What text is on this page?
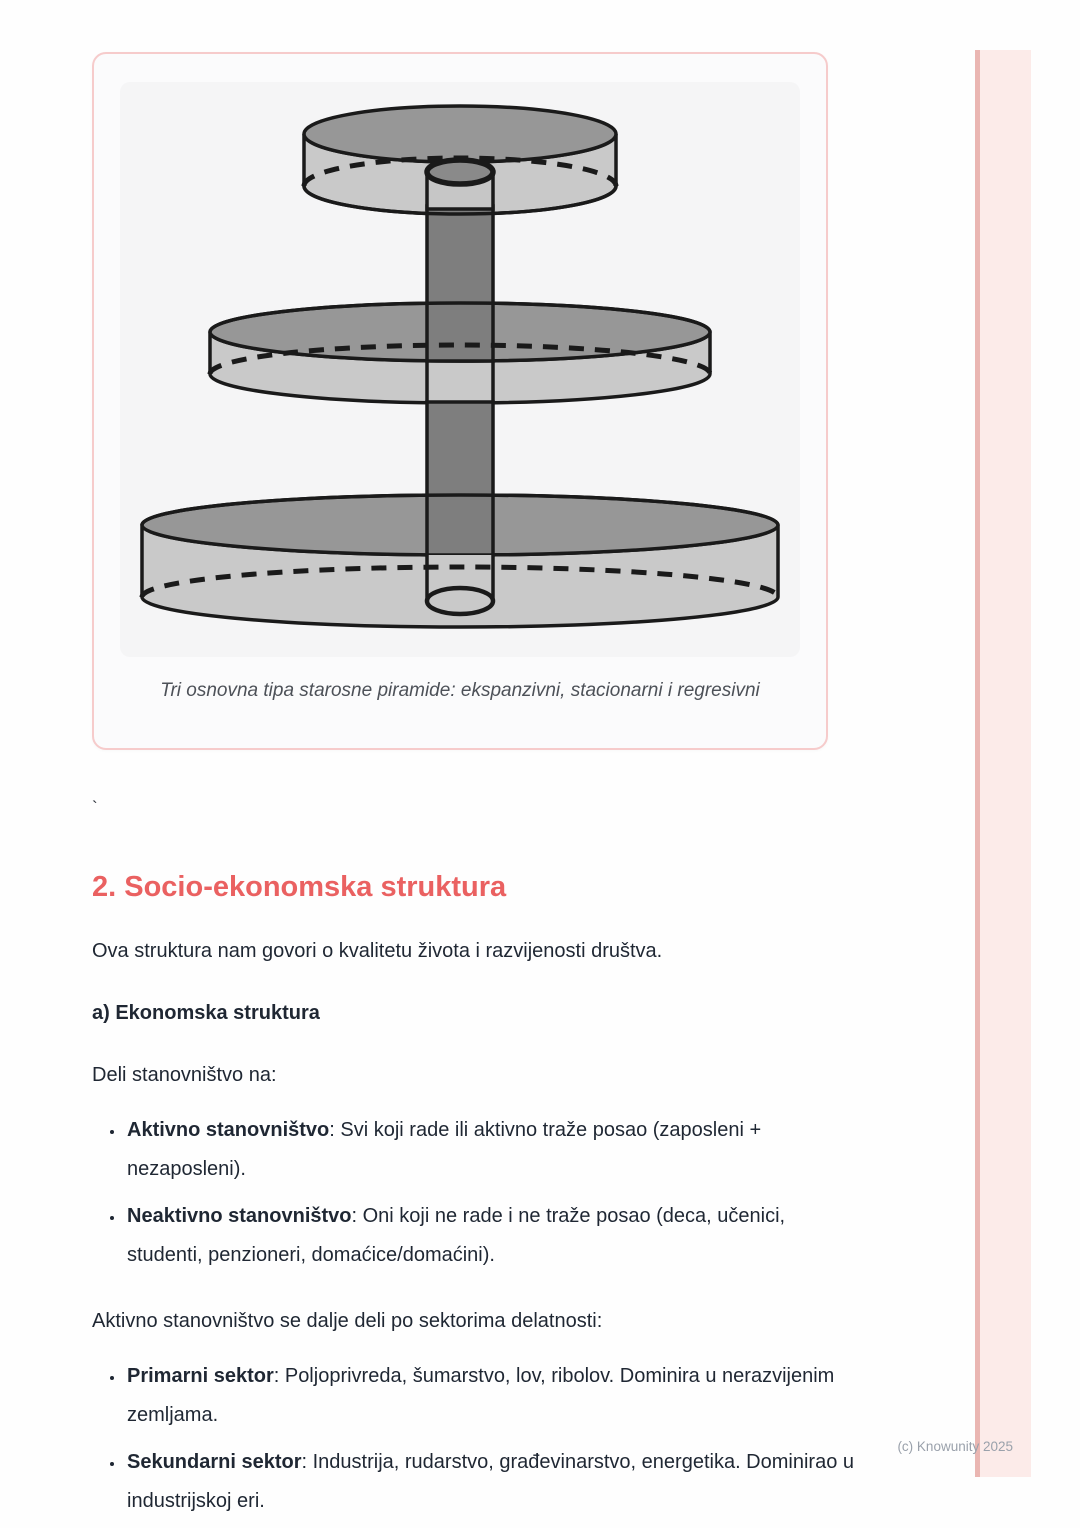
Tri osnovna tipa starosne piramide: ekspanzivni, stacionarni i regresivni
`
2. Socio-ekonomska struktura

Ova struktura nam govori o kvalitetu života i razvijenosti društva.

a) Ekonomska struktura

Deli stanovništvo na:

• Aktivno stanovništvo: Svi koji rade ili aktivno traže posao (zaposleni + nezaposleni).
• Neaktivno stanovništvo: Oni koji ne rade i ne traže posao (deca, učenici, studenti, penzioneri, domaćice/domaćini).

Aktivno stanovništvo se dalje deli po sektorima delatnosti:

• Primarni sektor: Poljoprivreda, šumarstvo, lov, ribolov. Dominira u nerazvijenim zemljama.
• Sekundarni sektor: Industrija, rudarstvo, građevinarstvo, energetika. Dominirao u industrijskoj eri.
(c) Knowunity 2025
